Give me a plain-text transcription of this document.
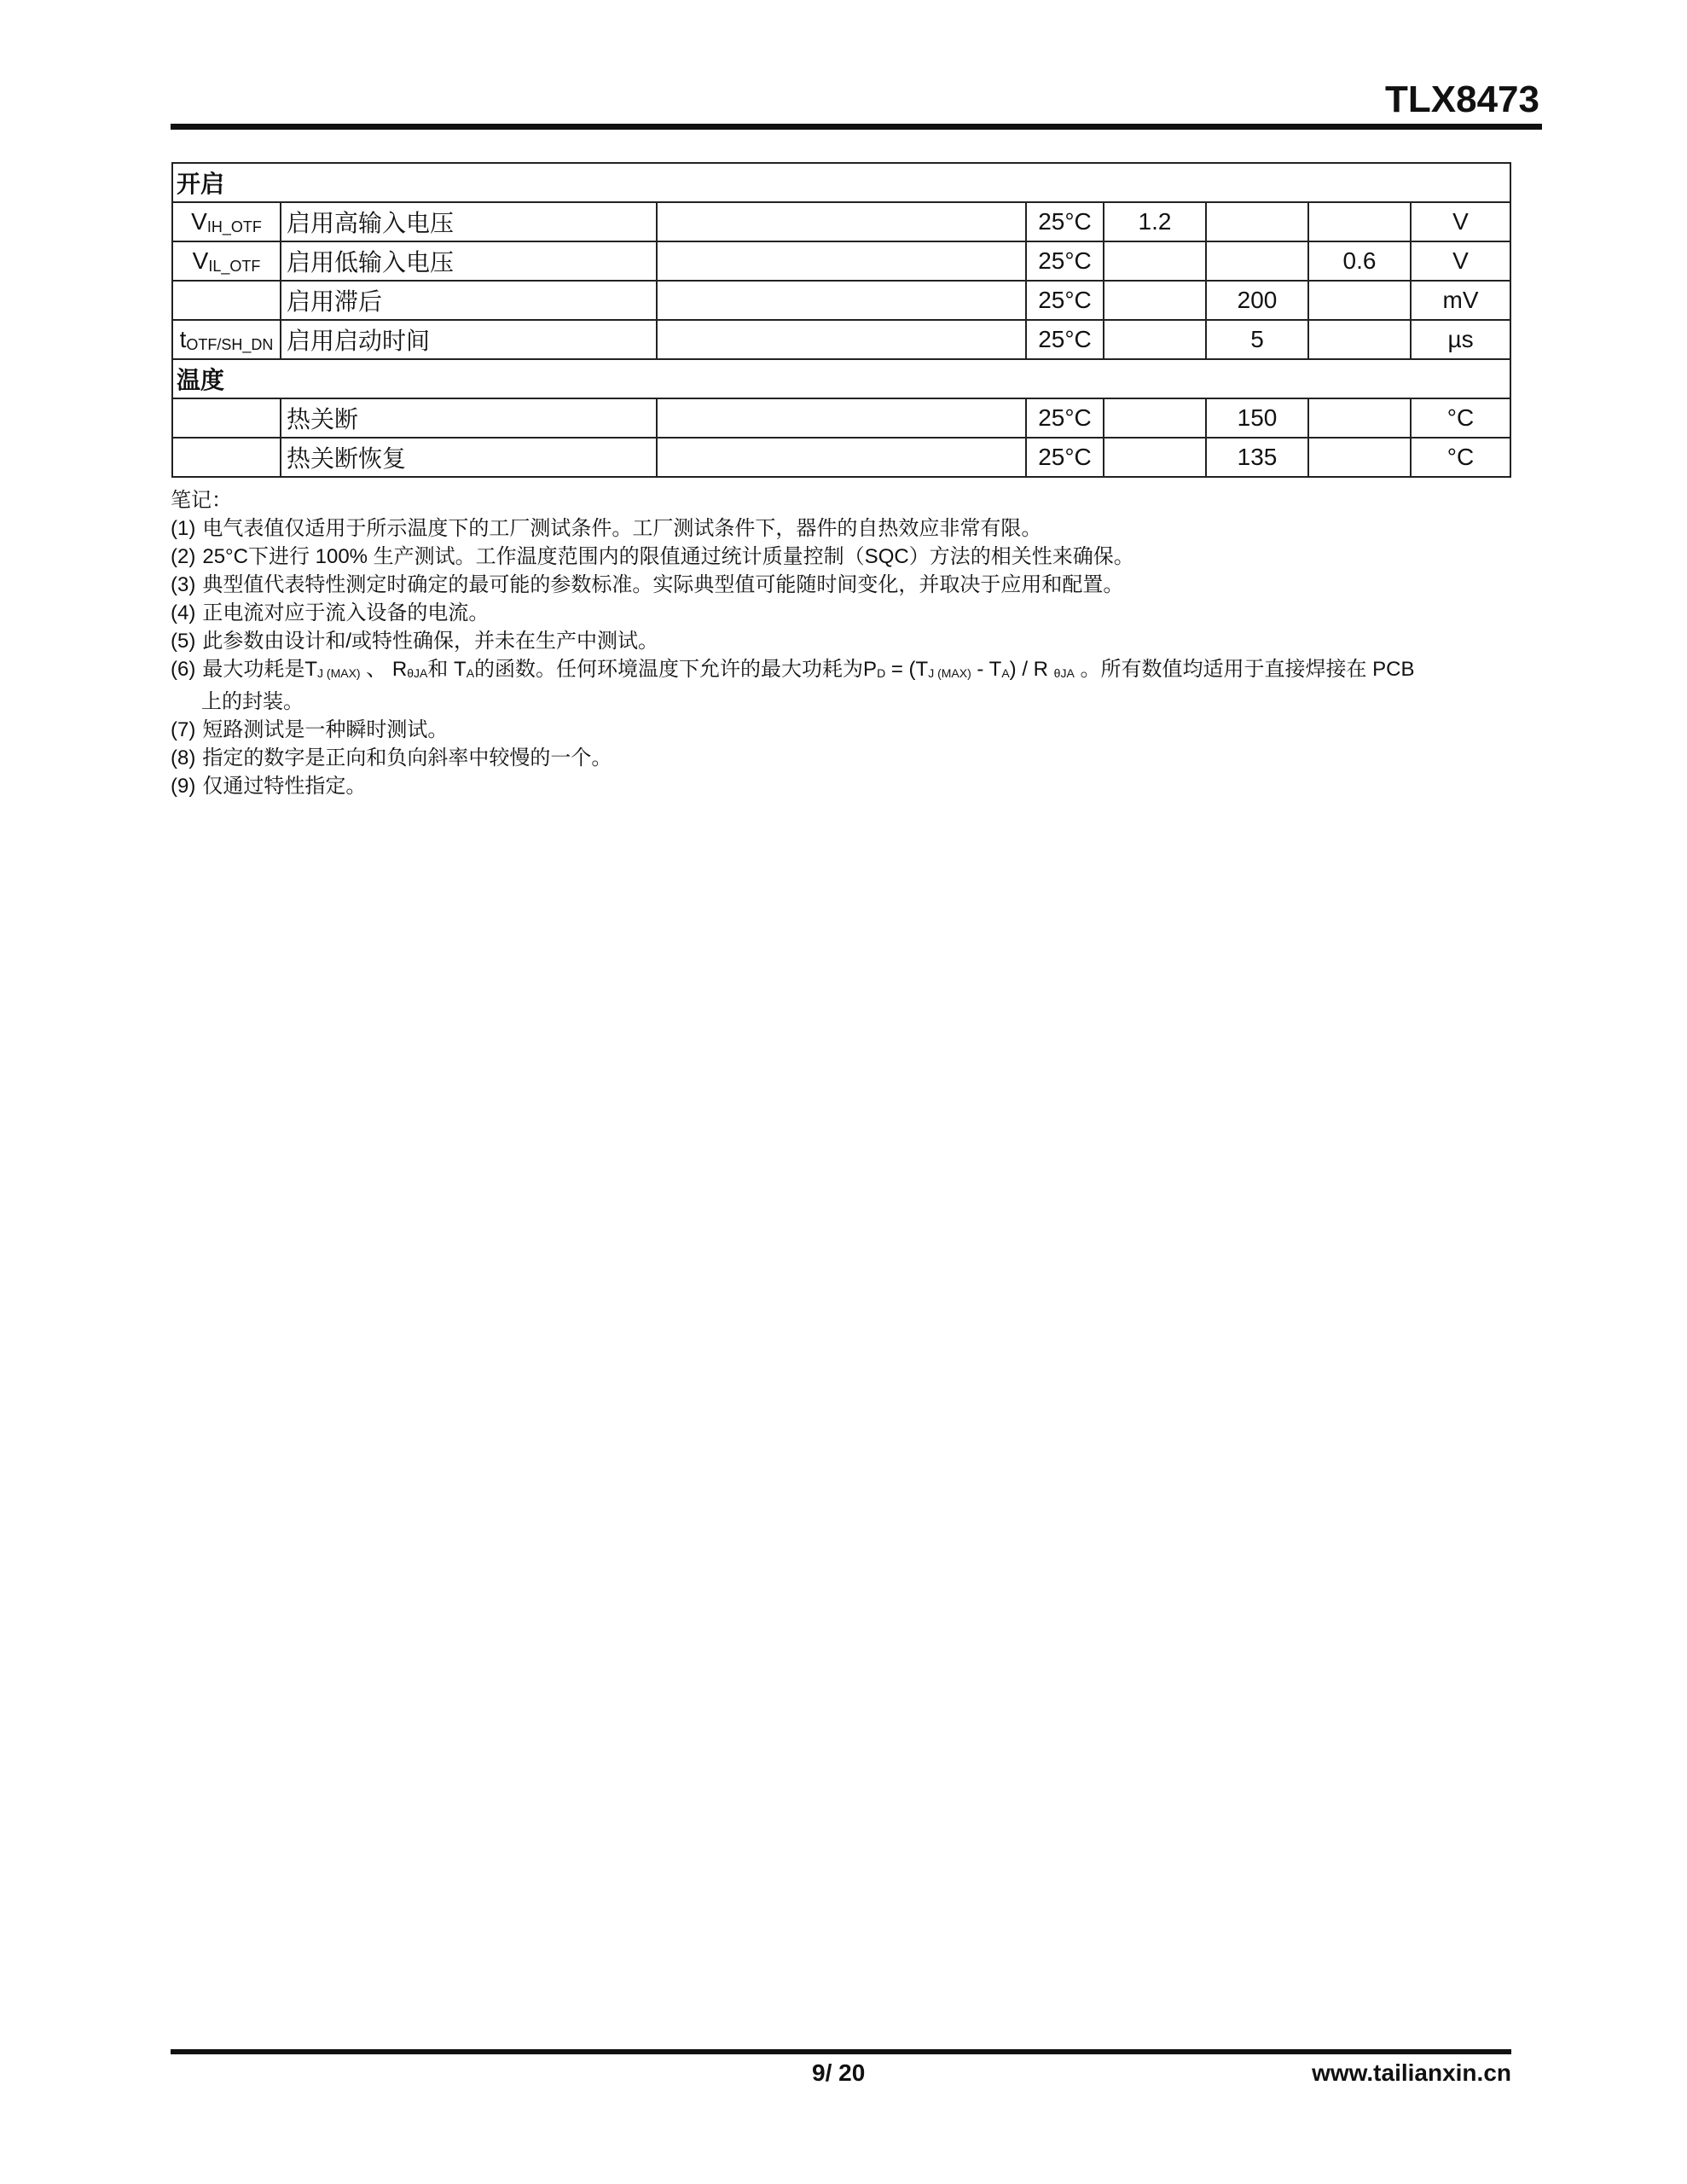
TLX8473
开启							
$V_{IH\_OTF}$	启用高输入电压		25°C	1.2			V
$V_{IL\_OTF}$	启用低输入电压		25°C			0.6	V
	启用滞后		25°C		200		mV
$t_{OTF/SH\_DN}$	启用启动时间		25°C		5		µs
温度							
	热关断		25°C		150		°C
	热关断恢复		25°C		135		°C

笔记：

(1) 电气表值仅适用于所示温度下的工厂测试条件。工厂测试条件下，器件的自热效应非常有限。
(2) 25°C下进行 100% 生产测试。工作温度范围内的限值通过统计质量控制（SQC）方法的相关性来确保。
(3) 典型值代表特性测定时确定的最可能的参数标准。实际典型值可能随时间变化，并取决于应用和配置。
(4) 正电流对应于流入设备的电流。
(5) 此参数由设计和/或特性确保，并未在生产中测试。
(6) 最大功耗是TJ (MAX) 、 RθJA和 TA的函数。任何环境温度下允许的最大功耗为PD = (TJ (MAX) - TA) / R θJA 。所有数值均适用于直接焊接在 PCB

上的封装。

(7) 短路测试是一种瞬时测试。
(8) 指定的数字是正向和负向斜率中较慢的一个。
(9) 仅通过特性指定。
9/ 20	www.tailianxin.cn
